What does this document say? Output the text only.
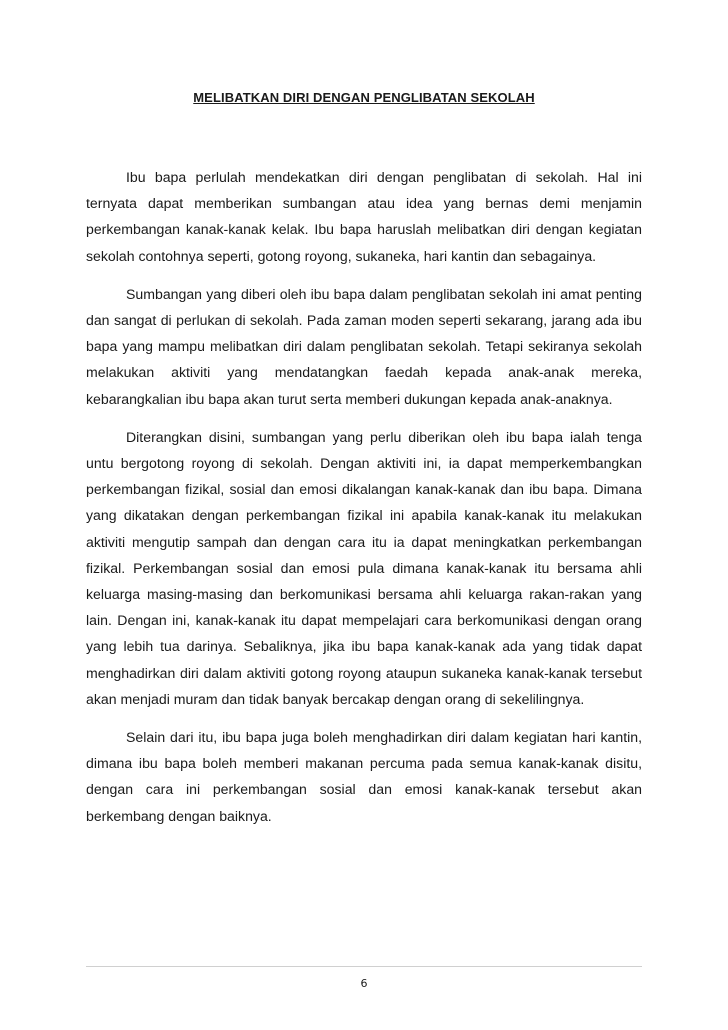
MELIBATKAN DIRI DENGAN PENGLIBATAN SEKOLAH

Ibu bapa perlulah mendekatkan diri dengan penglibatan di sekolah. Hal ini ternyata dapat memberikan sumbangan atau idea yang bernas demi menjamin perkembangan kanak-kanak kelak. Ibu bapa haruslah melibatkan diri dengan kegiatan sekolah contohnya seperti, gotong royong, sukaneka, hari kantin dan sebagainya.

Sumbangan yang diberi oleh ibu bapa dalam penglibatan sekolah ini amat penting dan sangat di perlukan di sekolah. Pada zaman moden seperti sekarang, jarang ada ibu bapa yang mampu melibatkan diri dalam penglibatan sekolah. Tetapi sekiranya sekolah melakukan aktiviti yang mendatangkan faedah kepada anak-anak mereka, kebarangkalian ibu bapa akan turut serta memberi dukungan kepada anak-anaknya.

Diterangkan disini, sumbangan yang perlu diberikan oleh ibu bapa ialah tenga untu bergotong royong di sekolah. Dengan aktiviti ini, ia dapat memperkembangkan perkembangan fizikal, sosial dan emosi dikalangan kanak-kanak dan ibu bapa. Dimana yang dikatakan dengan perkembangan fizikal ini apabila kanak-kanak itu melakukan aktiviti mengutip sampah dan dengan cara itu ia dapat meningkatkan perkembangan fizikal. Perkembangan sosial dan emosi pula dimana kanak-kanak itu bersama ahli keluarga masing-masing dan berkomunikasi bersama ahli keluarga rakan-rakan yang lain. Dengan ini, kanak-kanak itu dapat mempelajari cara berkomunikasi dengan orang yang lebih tua darinya. Sebaliknya, jika ibu bapa kanak-kanak ada yang tidak dapat menghadirkan diri dalam aktiviti gotong royong ataupun sukaneka kanak-kanak tersebut akan menjadi muram dan tidak banyak bercakap dengan orang di sekelilingnya.

Selain dari itu, ibu bapa juga boleh menghadirkan diri dalam kegiatan hari kantin, dimana ibu bapa boleh memberi makanan percuma pada semua kanak-kanak disitu, dengan cara ini perkembangan sosial dan emosi kanak-kanak tersebut akan berkembang dengan baiknya.

6
